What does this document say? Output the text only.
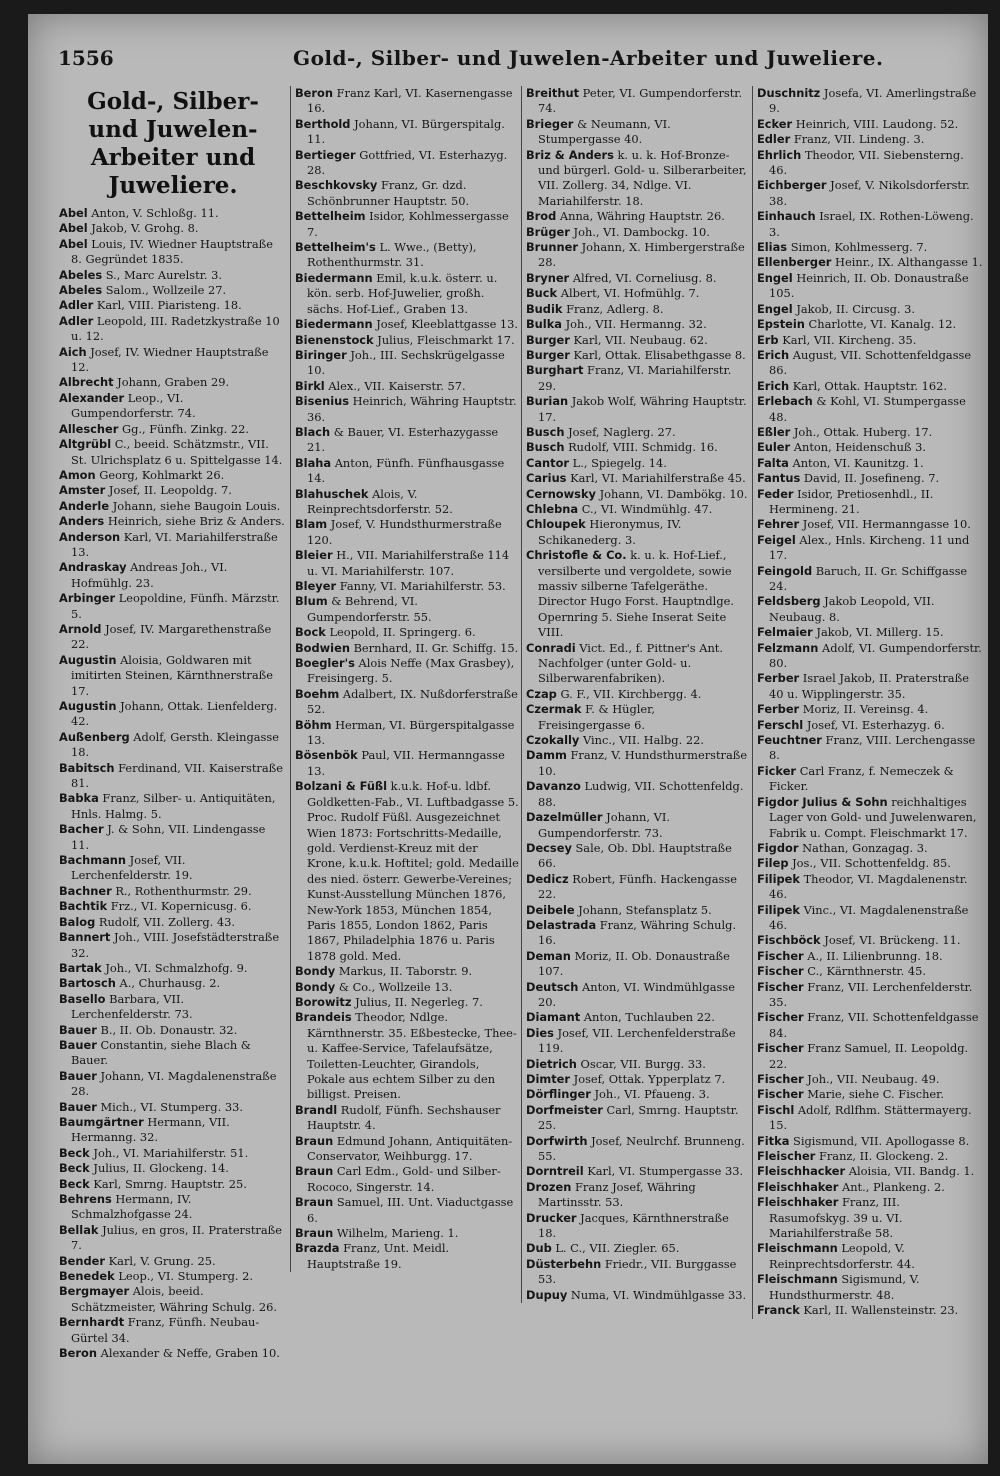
1556	Gold-, Silber- und Juwelen-Arbeiter und Juweliere.
Gold-, Silber- und Juwelen-Arbeiter und Juweliere.

Abel Anton, V. Schloßg. 11.

Abel Jakob, V. Grohg. 8.

Abel Louis, IV. Wiedner Hauptstraße 8. Gegründet 1835.

Abeles S., Marc Aurelstr. 3.

Abeles Salom., Wollzeile 27.

Adler Karl, VIII. Piaristeng. 18.

Adler Leopold, III. Radetzkystraße 10 u. 12.

Aich Josef, IV. Wiedner Hauptstraße 12.

Albrecht Johann, Graben 29.

Alexander Leop., VI. Gumpendorferstr. 74.

Allescher Gg., Fünfh. Zinkg. 22.

Altgrübl C., beeid. Schätzmstr., VII. St. Ulrichsplatz 6 u. Spittelgasse 14.

Amon Georg, Kohlmarkt 26.

Amster Josef, II. Leopoldg. 7.

Anderle Johann, siehe Baugoin Louis.

Anders Heinrich, siehe Briz & Anders.

Anderson Karl, VI. Mariahilferstraße 13.

Andraskay Andreas Joh., VI. Hofmühlg. 23.

Arbinger Leopoldine, Fünfh. Märzstr. 5.

Arnold Josef, IV. Margarethenstraße 22.

Augustin Aloisia, Goldwaren mit imitirten Steinen, Kärnthnerstraße 17.

Augustin Johann, Ottak. Lienfelderg. 42.

Außenberg Adolf, Gersth. Kleingasse 18.

Babitsch Ferdinand, VII. Kaiserstraße 81.

Babka Franz, Silber- u. Antiquitäten, Hnls. Halmg. 5.

Bacher J. & Sohn, VII. Lindengasse 11.

Bachmann Josef, VII. Lerchenfelderstr. 19.

Bachner R., Rothenthurmstr. 29.

Bachtik Frz., VI. Kopernicusg. 6.

Balog Rudolf, VII. Zollerg. 43.

Bannert Joh., VIII. Josefstädterstraße 32.

Bartak Joh., VI. Schmalzhofg. 9.

Bartosch A., Churhausg. 2.

Basello Barbara, VII. Lerchenfelderstr. 73.

Bauer B., II. Ob. Donaustr. 32.

Bauer Constantin, siehe Blach & Bauer.

Bauer Johann, VI. Magdalenenstraße 28.

Bauer Mich., VI. Stumperg. 33.

Baumgärtner Hermann, VII. Hermanng. 32.

Beck Joh., VI. Mariahilferstr. 51.

Beck Julius, II. Glockeng. 14.

Beck Karl, Smrng. Hauptstr. 25.

Behrens Hermann, IV. Schmalzhofgasse 24.

Bellak Julius, en gros, II. Praterstraße 7.

Bender Karl, V. Grung. 25.

Benedek Leop., VI. Stumperg. 2.

Bergmayer Alois, beeid. Schätzmeister, Währing Schulg. 26.

Bernhardt Franz, Fünfh. Neubau-Gürtel 34.

Beron Alexander & Neffe, Graben 10.

Beron Franz Karl, VI. Kasernengasse 16.

Berthold Johann, VI. Bürgerspitalg. 11.

Bertieger Gottfried, VI. Esterhazyg. 28.

Beschkovsky Franz, Gr. dzd. Schönbrunner Hauptstr. 50.

Bettelheim Isidor, Kohlmessergasse 7.

Bettelheim's L. Wwe., (Betty), Rothenthurmstr. 31.

Biedermann Emil, k.u.k. österr. u. kön. serb. Hof-Juwelier, großh. sächs. Hof-Lief., Graben 13.

Biedermann Josef, Kleeblattgasse 13.

Bienenstock Julius, Fleischmarkt 17.

Biringer Joh., III. Sechskrügelgasse 10.

Birkl Alex., VII. Kaiserstr. 57.

Bisenius Heinrich, Währing Hauptstr. 36.

Blach & Bauer, VI. Esterhazygasse 21.

Blaha Anton, Fünfh. Fünfhausgasse 14.

Blahuschek Alois, V. Reinprechtsdorferstr. 52.

Blam Josef, V. Hundsthurmerstraße 120.

Bleier H., VII. Mariahilferstraße 114 u. VI. Mariahilferstr. 107.

Bleyer Fanny, VI. Mariahilferstr. 53.

Blum & Behrend, VI. Gumpendorferstr. 55.

Bock Leopold, II. Springerg. 6.

Bodwien Bernhard, II. Gr. Schiffg. 15.

Boegler's Alois Neffe (Max Grasbey), Freisingerg. 5.

Boehm Adalbert, IX. Nußdorferstraße 52.

Böhm Herman, VI. Bürgerspitalgasse 13.

Bösenbök Paul, VII. Hermanngasse 13.

Bolzani & Füßl k.u.k. Hof-u. ldbf. Goldketten-Fab., VI. Luftbadgasse 5. Proc. Rudolf Füßl. Ausgezeichnet Wien 1873: Fortschritts-Medaille, gold. Verdienst-Kreuz mit der Krone, k.u.k. Hoftitel; gold. Medaille des nied. österr. Gewerbe-Vereines; Kunst-Ausstellung München 1876, New-York 1853, München 1854, Paris 1855, London 1862, Paris 1867, Philadelphia 1876 u. Paris 1878 gold. Med.

Bondy Markus, II. Taborstr. 9.

Bondy & Co., Wollzeile 13.

Borowitz Julius, II. Negerleg. 7.

Brandeis Theodor, Ndlge. Kärnthnerstr. 35. Eßbestecke, Thee- u. Kaffee-Service, Tafelaufsätze, Toiletten-Leuchter, Girandols, Pokale aus echtem Silber zu den billigst. Preisen.

Brandl Rudolf, Fünfh. Sechshauser Hauptstr. 4.

Braun Edmund Johann, Antiquitäten-Conservator, Weihburgg. 17.

Braun Carl Edm., Gold- und Silber-Rococo, Singerstr. 14.

Braun Samuel, III. Unt. Viaductgasse 6.

Braun Wilhelm, Marieng. 1.

Brazda Franz, Unt. Meidl. Hauptstraße 19.

Breithut Peter, VI. Gumpendorferstr. 74.

Brieger & Neumann, VI. Stumpergasse 40.

Briz & Anders k. u. k. Hof-Bronze- und bürgerl. Gold- u. Silberarbeiter, VII. Zollerg. 34, Ndlge. VI. Mariahilferstr. 18.

Brod Anna, Währing Hauptstr. 26.

Brüger Joh., VI. Dambockg. 10.

Brunner Johann, X. Himbergerstraße 28.

Bryner Alfred, VI. Corneliusg. 8.

Buck Albert, VI. Hofmühlg. 7.

Budik Franz, Adlerg. 8.

Bulka Joh., VII. Hermanng. 32.

Burger Karl, VII. Neubaug. 62.

Burger Karl, Ottak. Elisabethgasse 8.

Burghart Franz, VI. Mariahilferstr. 29.

Burian Jakob Wolf, Währing Hauptstr. 17.

Busch Josef, Naglerg. 27.

Busch Rudolf, VIII. Schmidg. 16.

Cantor L., Spiegelg. 14.

Carius Karl, VI. Mariahilferstraße 45.

Cernowsky Johann, VI. Dambökg. 10.

Chlebna C., VI. Windmühlg. 47.

Chloupek Hieronymus, IV. Schikanederg. 3.

Christofle & Co. k. u. k. Hof-Lief., versilberte und vergoldete, sowie massiv silberne Tafelgeräthe. Director Hugo Forst. Hauptndlge. Opernring 5. Siehe Inserat Seite VIII.

Conradi Vict. Ed., f. Pittner's Ant. Nachfolger (unter Gold- u. Silberwarenfabriken).

Czap G. F., VII. Kirchbergg. 4.

Czermak F. & Hügler, Freisingergasse 6.

Czokally Vinc., VII. Halbg. 22.

Damm Franz, V. Hundsthurmerstraße 10.

Davanzo Ludwig, VII. Schottenfeldg. 88.

Dazelmüller Johann, VI. Gumpendorferstr. 73.

Decsey Sale, Ob. Dbl. Hauptstraße 66.

Dedicz Robert, Fünfh. Hackengasse 22.

Deibele Johann, Stefansplatz 5.

Delastrada Franz, Währing Schulg. 16.

Deman Moriz, II. Ob. Donaustraße 107.

Deutsch Anton, VI. Windmühlgasse 20.

Diamant Anton, Tuchlauben 22.

Dies Josef, VII. Lerchenfelderstraße 119.

Dietrich Oscar, VII. Burgg. 33.

Dimter Josef, Ottak. Ypperplatz 7.

Dörflinger Joh., VI. Pfaueng. 3.

Dorfmeister Carl, Smrng. Hauptstr. 25.

Dorfwirth Josef, Neulrchf. Brunneng. 55.

Dorntreil Karl, VI. Stumpergasse 33.

Drozen Franz Josef, Währing Martinsstr. 53.

Drucker Jacques, Kärnthnerstraße 18.

Dub L. C., VII. Ziegler. 65.

Düsterbehn Friedr., VII. Burggasse 53.

Dupuy Numa, VI. Windmühlgasse 33.

Duschnitz Josefa, VI. Amerlingstraße 9.

Ecker Heinrich, VIII. Laudong. 52.

Edler Franz, VII. Lindeng. 3.

Ehrlich Theodor, VII. Siebensterng. 46.

Eichberger Josef, V. Nikolsdorferstr. 38.

Einhauch Israel, IX. Rothen-Löweng. 3.

Elias Simon, Kohlmesserg. 7.

Ellenberger Heinr., IX. Althangasse 1.

Engel Heinrich, II. Ob. Donaustraße 105.

Engel Jakob, II. Circusg. 3.

Epstein Charlotte, VI. Kanalg. 12.

Erb Karl, VII. Kircheng. 35.

Erich August, VII. Schottenfeldgasse 86.

Erich Karl, Ottak. Hauptstr. 162.

Erlebach & Kohl, VI. Stumpergasse 48.

Eßler Joh., Ottak. Huberg. 17.

Euler Anton, Heidenschuß 3.

Falta Anton, VI. Kaunitzg. 1.

Fantus David, II. Josefineng. 7.

Feder Isidor, Pretiosenhdl., II. Hermineng. 21.

Fehrer Josef, VII. Hermanngasse 10.

Feigel Alex., Hnls. Kircheng. 11 und 17.

Feingold Baruch, II. Gr. Schiffgasse 24.

Feldsberg Jakob Leopold, VII. Neubaug. 8.

Felmaier Jakob, VI. Millerg. 15.

Felzmann Adolf, VI. Gumpendorferstr. 80.

Ferber Israel Jakob, II. Praterstraße 40 u. Wipplingerstr. 35.

Ferber Moriz, II. Vereinsg. 4.

Ferschl Josef, VI. Esterhazyg. 6.

Feuchtner Franz, VIII. Lerchengasse 8.

Ficker Carl Franz, f. Nemeczek & Ficker.

Figdor Julius & Sohn reichhaltiges Lager von Gold- und Juwelenwaren, Fabrik u. Compt. Fleischmarkt 17.

Figdor Nathan, Gonzagag. 3.

Filep Jos., VII. Schottenfeldg. 85.

Filipek Theodor, VI. Magdalenenstr. 46.

Filipek Vinc., VI. Magdalenenstraße 46.

Fischböck Josef, VI. Brückeng. 11.

Fischer A., II. Lilienbrunng. 18.

Fischer C., Kärnthnerstr. 45.

Fischer Franz, VII. Lerchenfelderstr. 35.

Fischer Franz, VII. Schottenfeldgasse 84.

Fischer Franz Samuel, II. Leopoldg. 22.

Fischer Joh., VII. Neubaug. 49.

Fischer Marie, siehe C. Fischer.

Fischl Adolf, Rdlfhm. Stättermayerg. 15.

Fitka Sigismund, VII. Apollogasse 8.

Fleischer Franz, II. Glockeng. 2.

Fleischhacker Aloisia, VII. Bandg. 1.

Fleischhaker Ant., Plankeng. 2.

Fleischhaker Franz, III. Rasumofskyg. 39 u. VI. Mariahilferstraße 58.

Fleischmann Leopold, V. Reinprechtsdorferstr. 44.

Fleischmann Sigismund, V. Hundsthurmerstr. 48.

Franck Karl, II. Wallensteinstr. 23.
